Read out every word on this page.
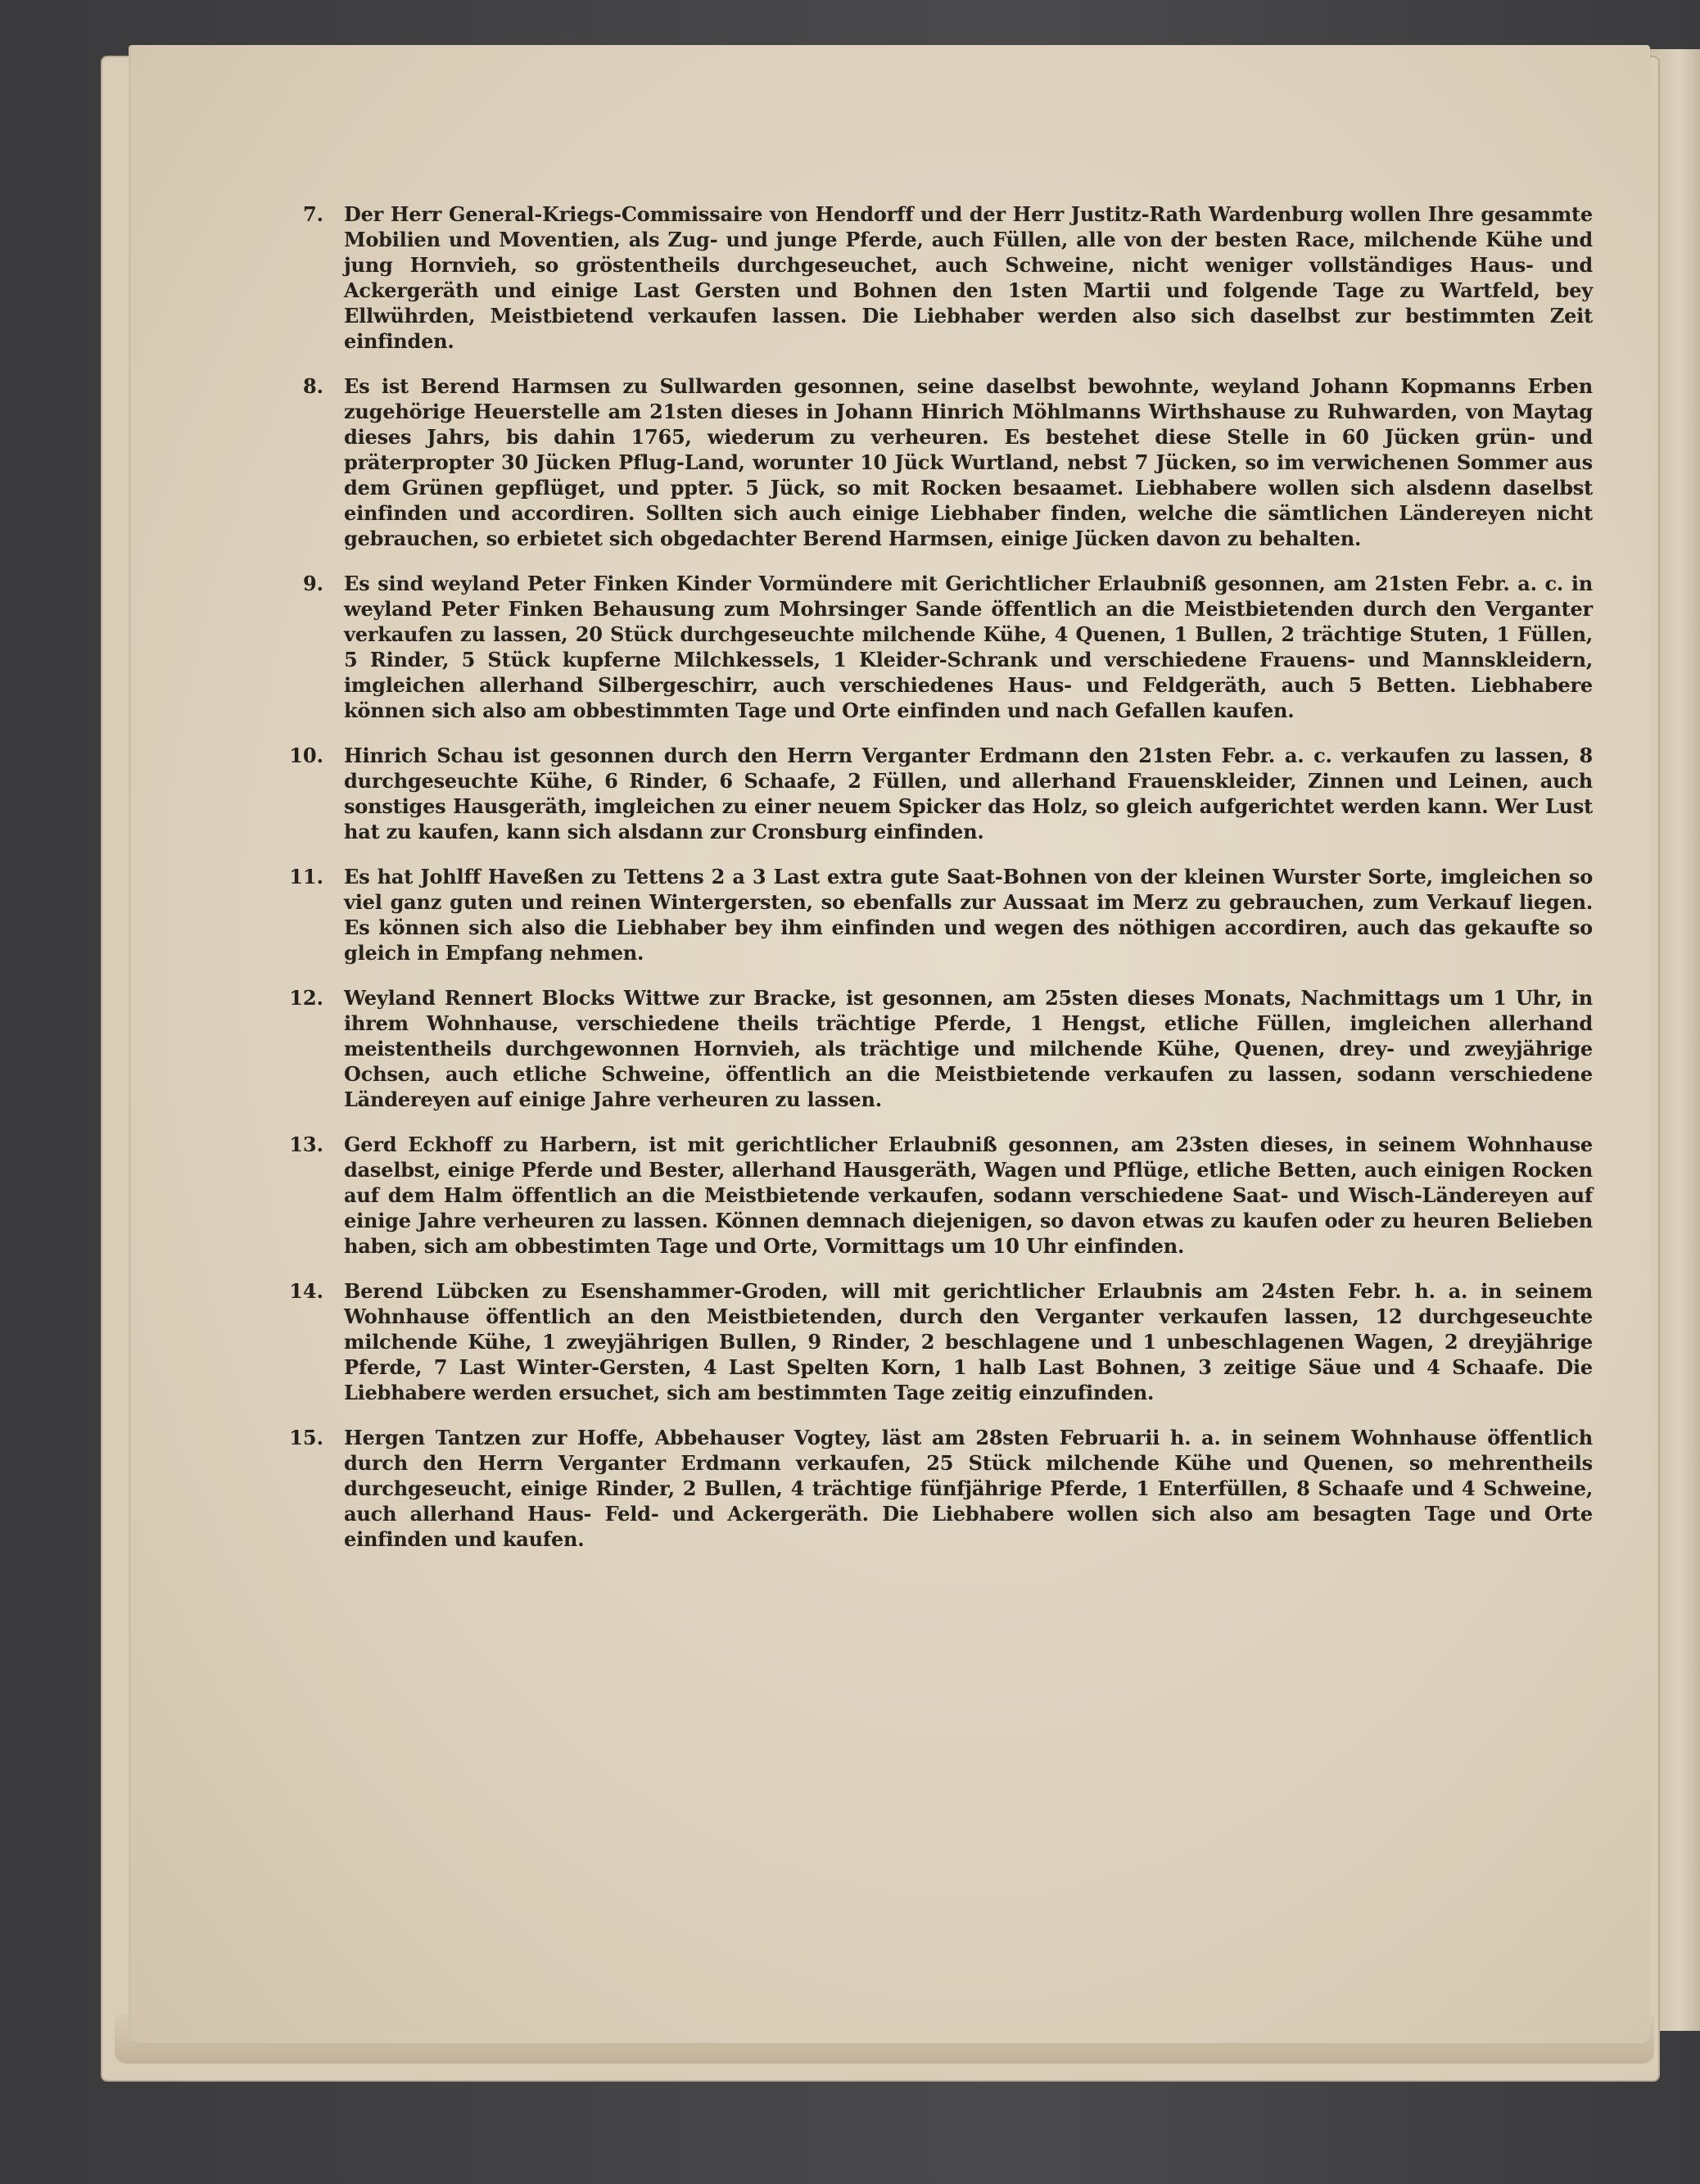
7. Der Herr General-Kriegs-Commissaire von Hendorff und der Herr Justitz-Rath Wardenburg wollen Ihre gesammte Mobilien und Moventien, als Zug- und junge Pferde, auch Füllen, alle von der besten Race, milchende Kühe und jung Hornvieh, so gröstentheils durchgeseuchet, auch Schweine, nicht weniger vollständiges Haus- und Ackergeräth und einige Last Gersten und Bohnen den 1sten Martii und folgende Tage zu Wartfeld, bey Ellwührden, Meistbietend verkaufen lassen. Die Liebhaber werden also sich daselbst zur bestimmten Zeit einfinden.

8. Es ist Berend Harmsen zu Sullwarden gesonnen, seine daselbst bewohnte, weyland Johann Kopmanns Erben zugehörige Heuerstelle am 21sten dieses in Johann Hinrich Möhlmanns Wirthshause zu Ruhwarden, von Maytag dieses Jahrs, bis dahin 1765, wiederum zu verheuren. Es bestehet diese Stelle in 60 Jücken grün- und präterpropter 30 Jücken Pflug-Land, worunter 10 Jück Wurtland, nebst 7 Jücken, so im verwichenen Sommer aus dem Grünen gepflüget, und ppter. 5 Jück, so mit Rocken besaamet. Liebhabere wollen sich alsdenn daselbst einfinden und accordiren. Sollten sich auch einige Liebhaber finden, welche die sämtlichen Ländereyen nicht gebrauchen, so erbietet sich obgedachter Berend Harmsen, einige Jücken davon zu behalten.

9. Es sind weyland Peter Finken Kinder Vormündere mit Gerichtlicher Erlaubniß gesonnen, am 21sten Febr. a. c. in weyland Peter Finken Behausung zum Mohrsinger Sande öffentlich an die Meistbietenden durch den Verganter verkaufen zu lassen, 20 Stück durchgeseuchte milchende Kühe, 4 Quenen, 1 Bullen, 2 trächtige Stuten, 1 Füllen, 5 Rinder, 5 Stück kupferne Milchkessels, 1 Kleider-Schrank und verschiedene Frauens- und Mannskleidern, imgleichen allerhand Silbergeschirr, auch verschiedenes Haus- und Feldgeräth, auch 5 Betten. Liebhabere können sich also am obbestimmten Tage und Orte einfinden und nach Gefallen kaufen.

10. Hinrich Schau ist gesonnen durch den Herrn Verganter Erdmann den 21sten Febr. a. c. verkaufen zu lassen, 8 durchgeseuchte Kühe, 6 Rinder, 6 Schaafe, 2 Füllen, und allerhand Frauenskleider, Zinnen und Leinen, auch sonstiges Hausgeräth, imgleichen zu einer neuem Spicker das Holz, so gleich aufgerichtet werden kann. Wer Lust hat zu kaufen, kann sich alsdann zur Cronsburg einfinden.

11. Es hat Johlff Haveßen zu Tettens 2 a 3 Last extra gute Saat-Bohnen von der kleinen Wurster Sorte, imgleichen so viel ganz guten und reinen Wintergersten, so ebenfalls zur Aussaat im Merz zu gebrauchen, zum Verkauf liegen. Es können sich also die Liebhaber bey ihm einfinden und wegen des nöthigen accordiren, auch das gekaufte so gleich in Empfang nehmen.

12. Weyland Rennert Blocks Wittwe zur Bracke, ist gesonnen, am 25sten dieses Monats, Nachmittags um 1 Uhr, in ihrem Wohnhause, verschiedene theils trächtige Pferde, 1 Hengst, etliche Füllen, imgleichen allerhand meistentheils durchgewonnen Hornvieh, als trächtige und milchende Kühe, Quenen, drey- und zweyjährige Ochsen, auch etliche Schweine, öffentlich an die Meistbietende verkaufen zu lassen, sodann verschiedene Ländereyen auf einige Jahre verheuren zu lassen.

13. Gerd Eckhoff zu Harbern, ist mit gerichtlicher Erlaubniß gesonnen, am 23sten dieses, in seinem Wohnhause daselbst, einige Pferde und Bester, allerhand Hausgeräth, Wagen und Pflüge, etliche Betten, auch einigen Rocken auf dem Halm öffentlich an die Meistbietende verkaufen, sodann verschiedene Saat- und Wisch-Ländereyen auf einige Jahre verheuren zu lassen. Können demnach diejenigen, so davon etwas zu kaufen oder zu heuren Belieben haben, sich am obbestimten Tage und Orte, Vormittags um 10 Uhr einfinden.

14. Berend Lübcken zu Esenshammer-Groden, will mit gerichtlicher Erlaubnis am 24sten Febr. h. a. in seinem Wohnhause öffentlich an den Meistbietenden, durch den Verganter verkaufen lassen, 12 durchgeseuchte milchende Kühe, 1 zweyjährigen Bullen, 9 Rinder, 2 beschlagene und 1 unbeschlagenen Wagen, 2 dreyjährige Pferde, 7 Last Winter-Gersten, 4 Last Spelten Korn, 1 halb Last Bohnen, 3 zeitige Säue und 4 Schaafe. Die Liebhabere werden ersuchet, sich am bestimmten Tage zeitig einzufinden.

15. Hergen Tantzen zur Hoffe, Abbehauser Vogtey, läst am 28sten Februarii h. a. in seinem Wohnhause öffentlich durch den Herrn Verganter Erdmann verkaufen, 25 Stück milchende Kühe und Quenen, so mehrentheils durchgeseucht, einige Rinder, 2 Bullen, 4 trächtige fünfjährige Pferde, 1 Enterfüllen, 8 Schaafe und 4 Schweine, auch allerhand Haus- Feld- und Ackergeräth. Die Liebhabere wollen sich also am besagten Tage und Orte einfinden und kaufen.
